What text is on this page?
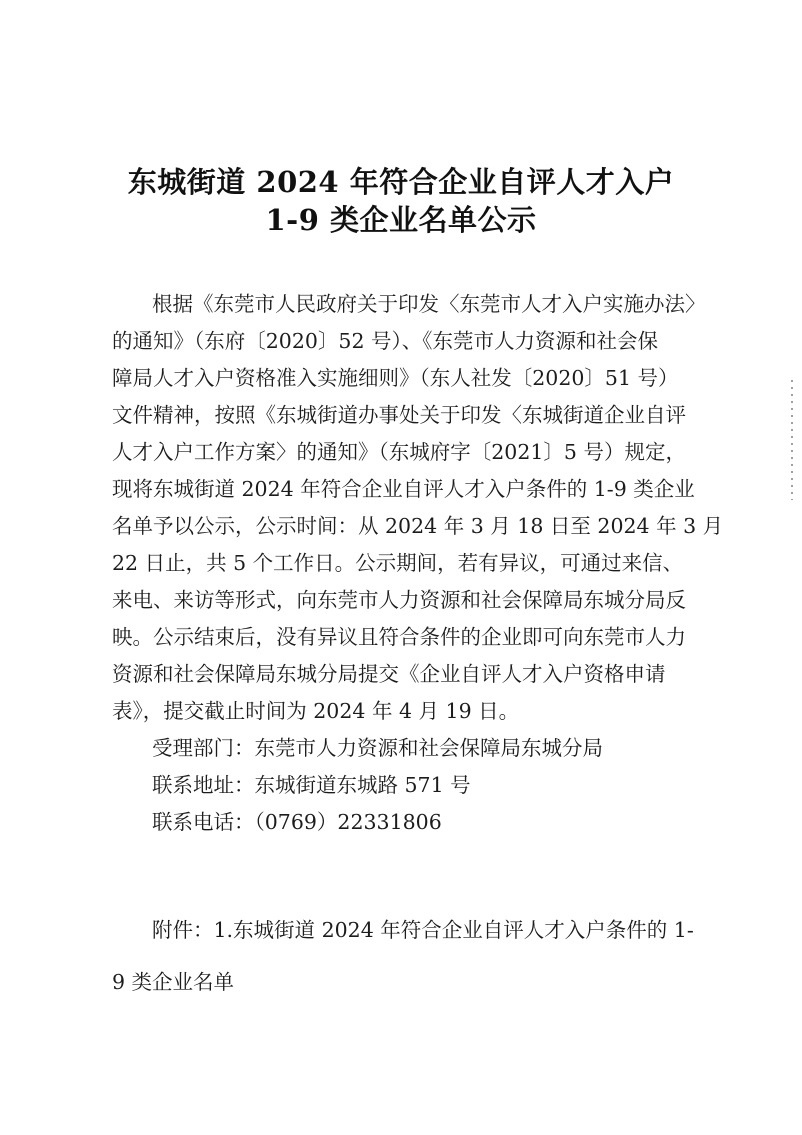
东城街道 2024 年符合企业自评人才入户
1-9 类企业名单公示
根据《东莞市人民政府关于印发〈东莞市人才入户实施办法〉
的通知》（东府〔2020〕52 号）、《东莞市人力资源和社会保
障局人才入户资格准入实施细则》（东人社发〔2020〕51 号）
文件精神，按照《东城街道办事处关于印发〈东城街道企业自评
人才入户工作方案〉的通知》（东城府字〔2021〕5 号）规定，
现将东城街道 2024 年符合企业自评人才入户条件的 1-9 类企业
名单予以公示，公示时间：从 2024 年 3 月 18 日至 2024 年 3 月
22 日止，共 5 个工作日。公示期间，若有异议，可通过来信、
来电、来访等形式，向东莞市人力资源和社会保障局东城分局反
映。公示结束后，没有异议且符合条件的企业即可向东莞市人力
资源和社会保障局东城分局提交《企业自评人才入户资格申请
表》，提交截止时间为 2024 年 4 月 19 日。
受理部门：东莞市人力资源和社会保障局东城分局
联系地址：东城街道东城路 571 号
联系电话：（0769）22331806
附件：1.东城街道 2024 年符合企业自评人才入户条件的 1-
9 类企业名单
